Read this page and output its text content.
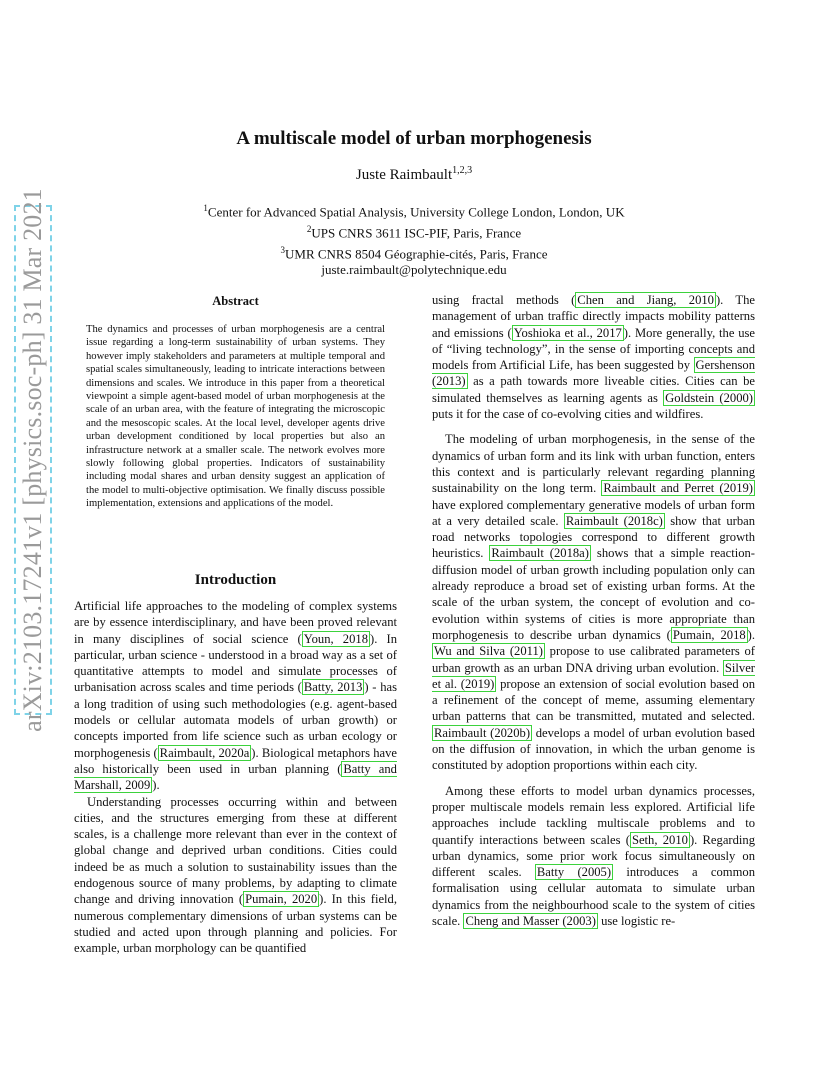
arXiv:2103.17241v1 [physics.soc-ph] 31 Mar 2021
A multiscale model of urban morphogenesis
Juste Raimbault$^{1,2,3}$
$^1$Center for Advanced Spatial Analysis, University College London, London, UK
$^2$UPS CNRS 3611 ISC-PIF, Paris, France
$^3$UMR CNRS 8504 Géographie-cités, Paris, France
juste.raimbault@polytechnique.edu
Abstract
The dynamics and processes of urban morphogenesis are a central issue regarding a long-term sustainability of urban systems. They however imply stakeholders and parameters at multiple temporal and spatial scales simultaneously, leading to intricate interactions between dimensions and scales. We introduce in this paper from a theoretical viewpoint a simple agent-based model of urban morphogenesis at the scale of an urban area, with the feature of integrating the microscopic and the mesoscopic scales. At the local level, developer agents drive urban development conditioned by local properties but also an infrastructure network at a smaller scale. The network evolves more slowly following global properties. Indicators of sustainability including modal shares and urban density suggest an application of the model to multi-objective optimisation. We finally discuss possible implementation, extensions and applications of the model.
Introduction

Artificial life approaches to the modeling of complex systems are by essence interdisciplinary, and have been proved relevant in many disciplines of social science ( Youn, 2018 ). In particular, urban science - understood in a broad way as a set of quantitative attempts to model and simulate processes of urbanisation across scales and time periods ( Batty, 2013 ) - has a long tradition of using such methodologies (e.g. agent-based models or cellular automata models of urban growth) or concepts imported from life science such as urban ecology or morphogenesis ( Raimbault, 2020a ). Biological metaphors have also historically been used in urban planning ( Batty and Marshall, 2009 ).

Understanding processes occurring within and between cities, and the structures emerging from these at different scales, is a challenge more relevant than ever in the context of global change and deprived urban conditions. Cities could indeed be as much a solution to sustainability issues than the endogenous source of many problems, by adapting to climate change and driving innovation ( Pumain, 2020 ). In this field, numerous complementary dimensions of urban systems can be studied and acted upon through planning and policies. For example, urban morphology can be quantified

using fractal methods ( Chen and Jiang, 2010 ). The management of urban traffic directly impacts mobility patterns and emissions ( Yoshioka et al., 2017 ). More generally, the use of “living technology”, in the sense of importing concepts and models from Artificial Life, has been suggested by Gershenson (2013) as a path towards more liveable cities. Cities can be simulated themselves as learning agents as Goldstein (2000) puts it for the case of co-evolving cities and wildfires.

The modeling of urban morphogenesis, in the sense of the dynamics of urban form and its link with urban function, enters this context and is particularly relevant regarding planning sustainability on the long term. Raimbault and Perret (2019) have explored complementary generative models of urban form at a very detailed scale. Raimbault (2018c) show that urban road networks topologies correspond to different growth heuristics. Raimbault (2018a) shows that a simple reaction-diffusion model of urban growth including population only can already reproduce a broad set of existing urban forms. At the scale of the urban system, the concept of evolution and co-evolution within systems of cities is more appropriate than morphogenesis to describe urban dynamics ( Pumain, 2018 ). Wu and Silva (2011) propose to use calibrated parameters of urban growth as an urban DNA driving urban evolution. Silver et al. (2019) propose an extension of social evolution based on a refinement of the concept of meme, assuming elementary urban patterns that can be transmitted, mutated and selected. Raimbault (2020b) develops a model of urban evolution based on the diffusion of innovation, in which the urban genome is constituted by adoption proportions within each city.

Among these efforts to model urban dynamics processes, proper multiscale models remain less explored. Artificial life approaches include tackling multiscale problems and to quantify interactions between scales ( Seth, 2010 ). Regarding urban dynamics, some prior work focus simultaneously on different scales. Batty (2005) introduces a common formalisation using cellular automata to simulate urban dynamics from the neighbourhood scale to the system of cities scale. Cheng and Masser (2003) use logistic re-
